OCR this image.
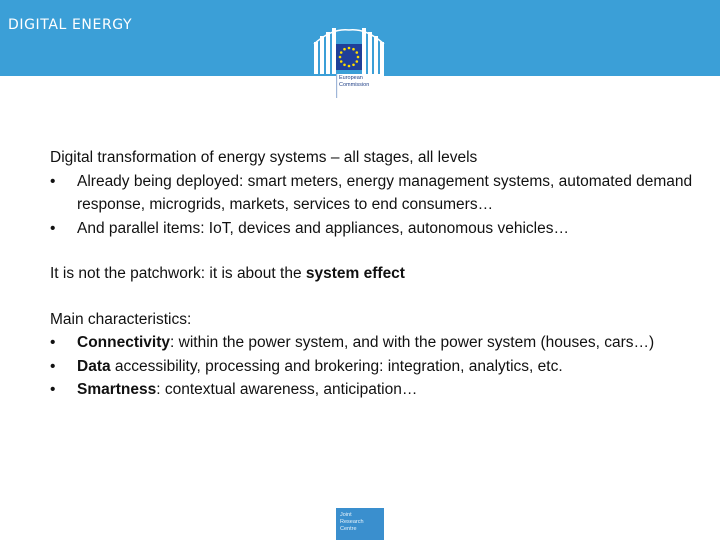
DIGITAL ENERGY
European
Commission

Digital transformation of energy systems – all stages, all levels

•	Already being deployed: smart meters, energy management systems, automated demand response, microgrids, markets, services to end consumers…
•	And parallel items: IoT, devices and appliances, autonomous vehicles…

It is not the patchwork: it is about the system effect

Main characteristics:

•	Connectivity: within the power system, and with the power system (houses, cars…)
•	Data accessibility, processing and brokering: integration, analytics, etc.
•	Smartness: contextual awareness, anticipation…
Joint
Research
Centre
